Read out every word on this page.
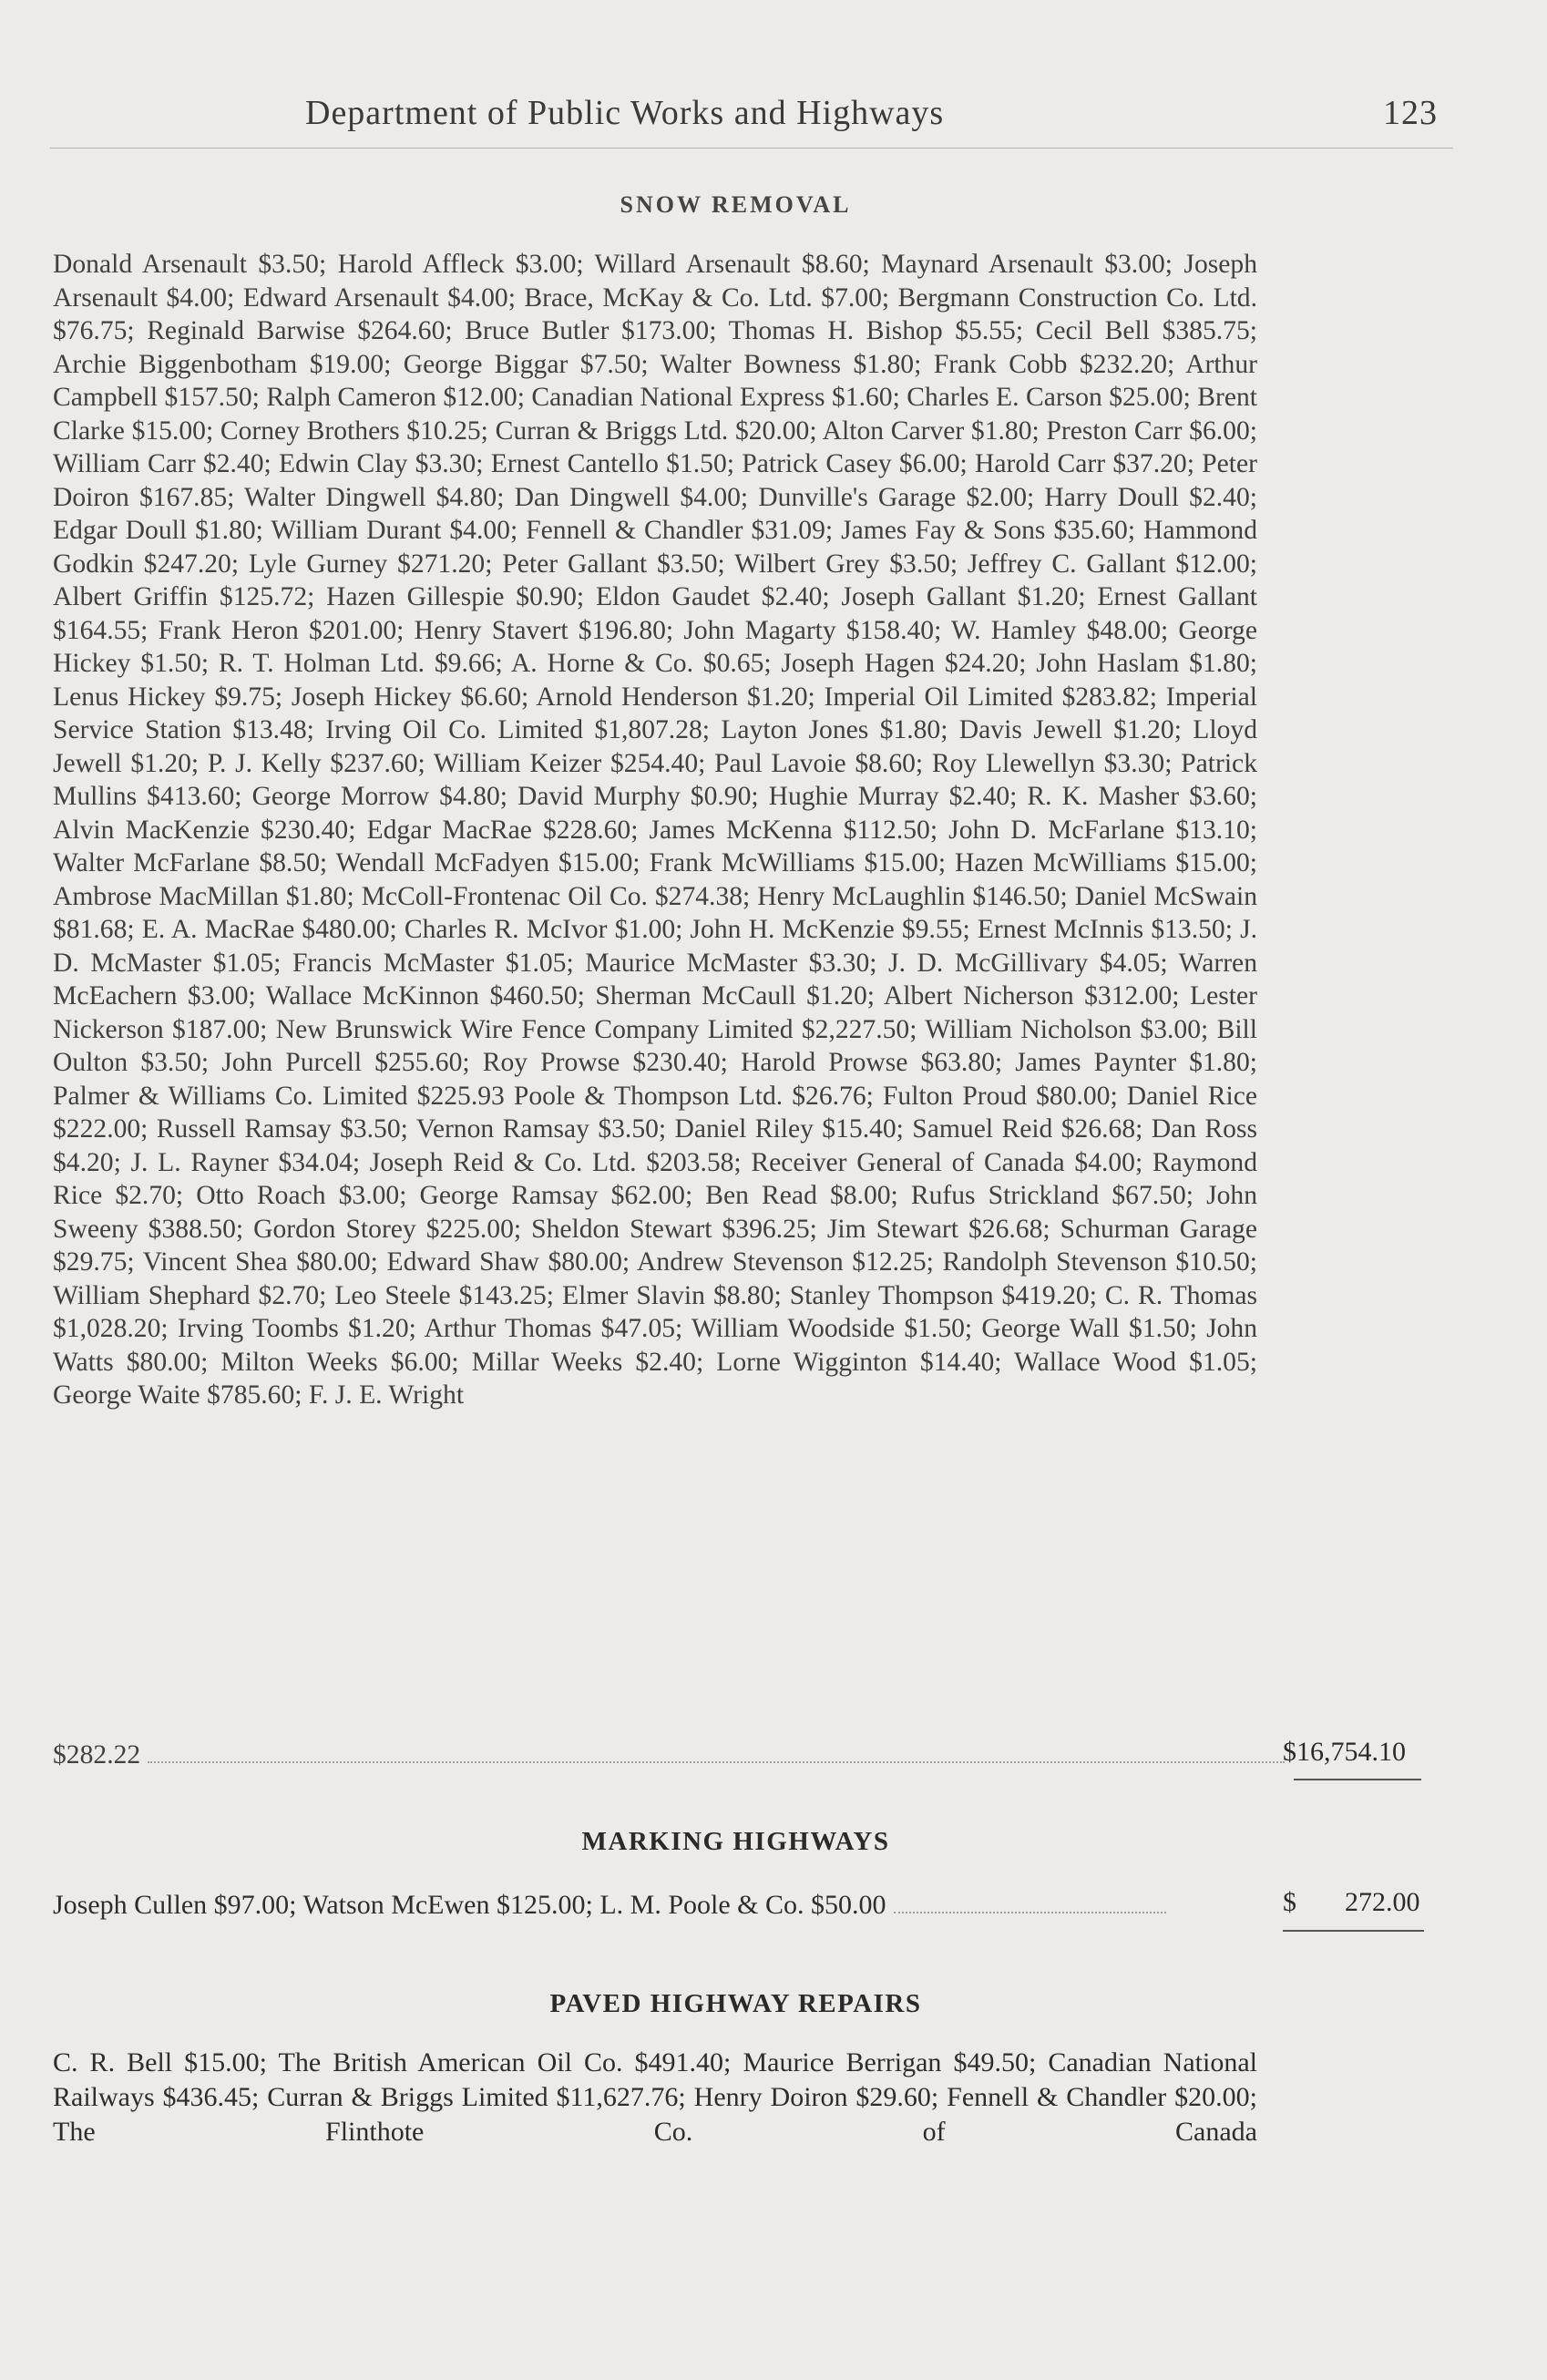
Department of Public Works and Highways	123
SNOW REMOVAL

Donald Arsenault $3.50; Harold Affleck $3.00; Willard Arsenault $8.60; Maynard Arsenault $3.00; Joseph Arsenault $4.00; Edward Arsenault $4.00; Brace, McKay & Co. Ltd. $7.00; Bergmann Construction Co. Ltd. $76.75; Reginald Barwise $264.60; Bruce Butler $173.00; Thomas H. Bishop $5.55; Cecil Bell $385.75; Archie Biggenbotham $19.00; George Biggar $7.50; Walter Bowness $1.80; Frank Cobb $232.20; Arthur Campbell $157.50; Ralph Cameron $12.00; Canadian National Express $1.60; Charles E. Carson $25.00; Brent Clarke $15.00; Corney Brothers $10.25; Curran & Briggs Ltd. $20.00; Alton Carver $1.80; Preston Carr $6.00; William Carr $2.40; Edwin Clay $3.30; Ernest Cantello $1.50; Patrick Casey $6.00; Harold Carr $37.20; Peter Doiron $167.85; Walter Dingwell $4.80; Dan Dingwell $4.00; Dunville's Garage $2.00; Harry Doull $2.40; Edgar Doull $1.80; William Durant $4.00; Fennell & Chandler $31.09; James Fay & Sons $35.60; Hammond Godkin $247.20; Lyle Gurney $271.20; Peter Gallant $3.50; Wilbert Grey $3.50; Jeffrey C. Gallant $12.00; Albert Griffin $125.72; Hazen Gillespie $0.90; Eldon Gaudet $2.40; Joseph Gallant $1.20; Ernest Gallant $164.55; Frank Heron $201.00; Henry Stavert $196.80; John Magarty $158.40; W. Hamley $48.00; George Hickey $1.50; R. T. Holman Ltd. $9.66; A. Horne & Co. $0.65; Joseph Hagen $24.20; John Haslam $1.80; Lenus Hickey $9.75; Joseph Hickey $6.60; Arnold Henderson $1.20; Imperial Oil Limited $283.82; Imperial Service Station $13.48; Irving Oil Co. Limited $1,807.28; Layton Jones $1.80; Davis Jewell $1.20; Lloyd Jewell $1.20; P. J. Kelly $237.60; William Keizer $254.40; Paul Lavoie $8.60; Roy Llewellyn $3.30; Patrick Mullins $413.60; George Morrow $4.80; David Murphy $0.90; Hughie Murray $2.40; R. K. Masher $3.60; Alvin MacKenzie $230.40; Edgar MacRae $228.60; James McKenna $112.50; John D. McFarlane $13.10; Walter McFarlane $8.50; Wendall McFadyen $15.00; Frank McWilliams $15.00; Hazen McWilliams $15.00; Ambrose MacMillan $1.80; McColl-Frontenac Oil Co. $274.38; Henry McLaughlin $146.50; Daniel McSwain $81.68; E. A. MacRae $480.00; Charles R. McIvor $1.00; John H. McKenzie $9.55; Ernest McInnis $13.50; J. D. McMaster $1.05; Francis McMaster $1.05; Maurice McMaster $3.30; J. D. McGillivary $4.05; Warren McEachern $3.00; Wallace McKinnon $460.50; Sherman McCaull $1.20; Albert Nicherson $312.00; Lester Nickerson $187.00; New Brunswick Wire Fence Company Limited $2,227.50; William Nicholson $3.00; Bill Oulton $3.50; John Purcell $255.60; Roy Prowse $230.40; Harold Prowse $63.80; James Paynter $1.80; Palmer & Williams Co. Limited $225.93 Poole & Thompson Ltd. $26.76; Fulton Proud $80.00; Daniel Rice $222.00; Russell Ramsay $3.50; Vernon Ramsay $3.50; Daniel Riley $15.40; Samuel Reid $26.68; Dan Ross $4.20; J. L. Rayner $34.04; Joseph Reid & Co. Ltd. $203.58; Receiver General of Canada $4.00; Raymond Rice $2.70; Otto Roach $3.00; George Ramsay $62.00; Ben Read $8.00; Rufus Strickland $67.50; John Sweeny $388.50; Gordon Storey $225.00; Sheldon Stewart $396.25; Jim Stewart $26.68; Schurman Garage $29.75; Vincent Shea $80.00; Edward Shaw $80.00; Andrew Stevenson $12.25; Randolph Stevenson $10.50; William Shephard $2.70; Leo Steele $143.25; Elmer Slavin $8.80; Stanley Thompson $419.20; C. R. Thomas $1,028.20; Irving Toombs $1.20; Arthur Thomas $47.05; William Woodside $1.50; George Wall $1.50; John Watts $80.00; Milton Weeks $6.00; Millar Weeks $2.40; Lorne Wigginton $14.40; Wallace Wood $1.05; George Waite $785.60; F. J. E. Wright

$282.22	$16,754.10
MARKING HIGHWAYS
Joseph Cullen $97.00; Watson McEwen $125.00; L. M. Poole & Co. $50.00	$ 272.00
PAVED HIGHWAY REPAIRS

C. R. Bell $15.00; The British American Oil Co. $491.40; Maurice Berrigan $49.50; Canadian National Railways $436.45; Curran & Briggs Limited $11,627.76; Henry Doiron $29.60; Fennell & Chandler $20.00; The Flinthote Co. of Canada
